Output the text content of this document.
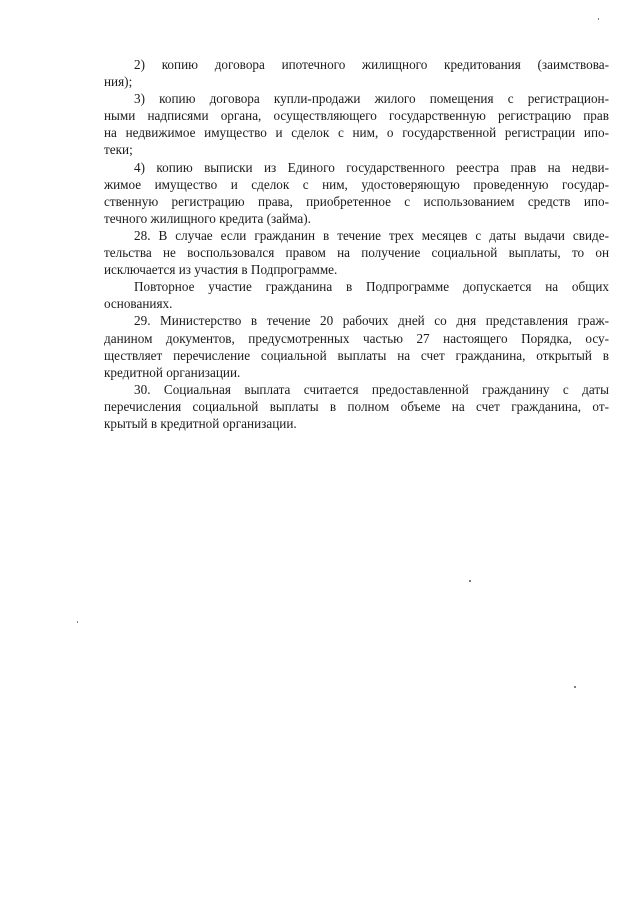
2) копию договора ипотечного жилищного кредитования (заимствова-
ния);
3) копию договора купли-продажи жилого помещения с регистрацион-
ными надписями органа, осуществляющего государственную регистрацию прав
на недвижимое имущество и сделок с ним, о государственной регистрации ипо-
теки;
4) копию выписки из Единого государственного реестра прав на недви-
жимое имущество и сделок с ним, удостоверяющую проведенную государ-
ственную регистрацию права, приобретенное с использованием средств ипо-
течного жилищного кредита (займа).
28. В случае если гражданин в течение трех месяцев с даты выдачи свиде-
тельства не воспользовался правом на получение социальной выплаты, то он
исключается из участия в Подпрограмме.
Повторное участие гражданина в Подпрограмме допускается на общих
основаниях.
29. Министерство в течение 20 рабочих дней со дня представления граж-
данином документов, предусмотренных частью 27 настоящего Порядка, осу-
ществляет перечисление социальной выплаты на счет гражданина, открытый в
кредитной организации.
30. Социальная выплата считается предоставленной гражданину с даты
перечисления социальной выплаты в полном объеме на счет гражданина, от-
крытый в кредитной организации.
